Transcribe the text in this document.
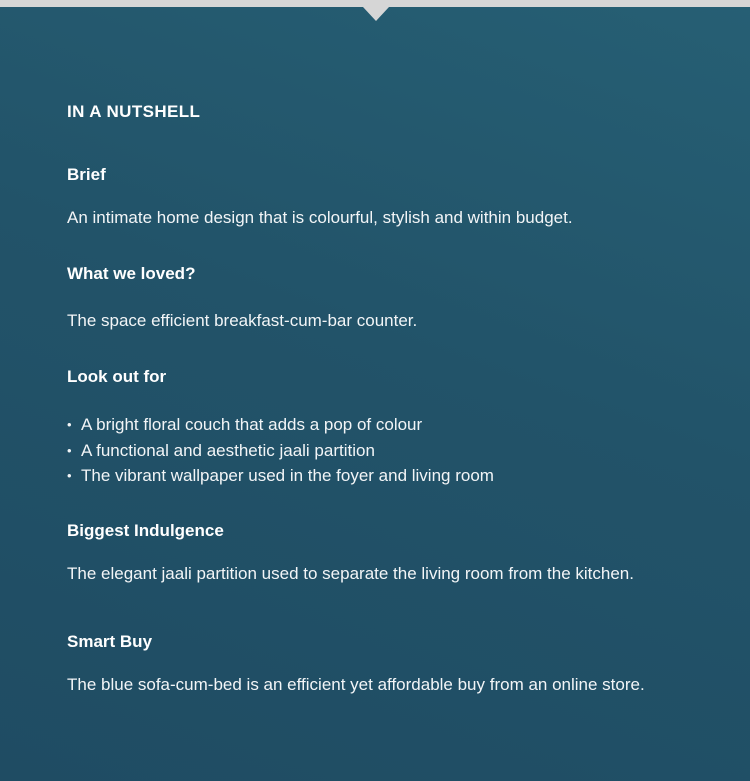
IN A NUTSHELL
Brief

An intimate home design that is colourful, stylish and within budget.

What we loved?

The space efficient breakfast-cum-bar counter.

Look out for
• A bright floral couch that adds a pop of colour
• A functional and aesthetic jaali partition
• The vibrant wallpaper used in the foyer and living room
Biggest Indulgence

The elegant jaali partition used to separate the living room from the kitchen.

Smart Buy

The blue sofa-cum-bed is an efficient yet affordable buy from an online store.
